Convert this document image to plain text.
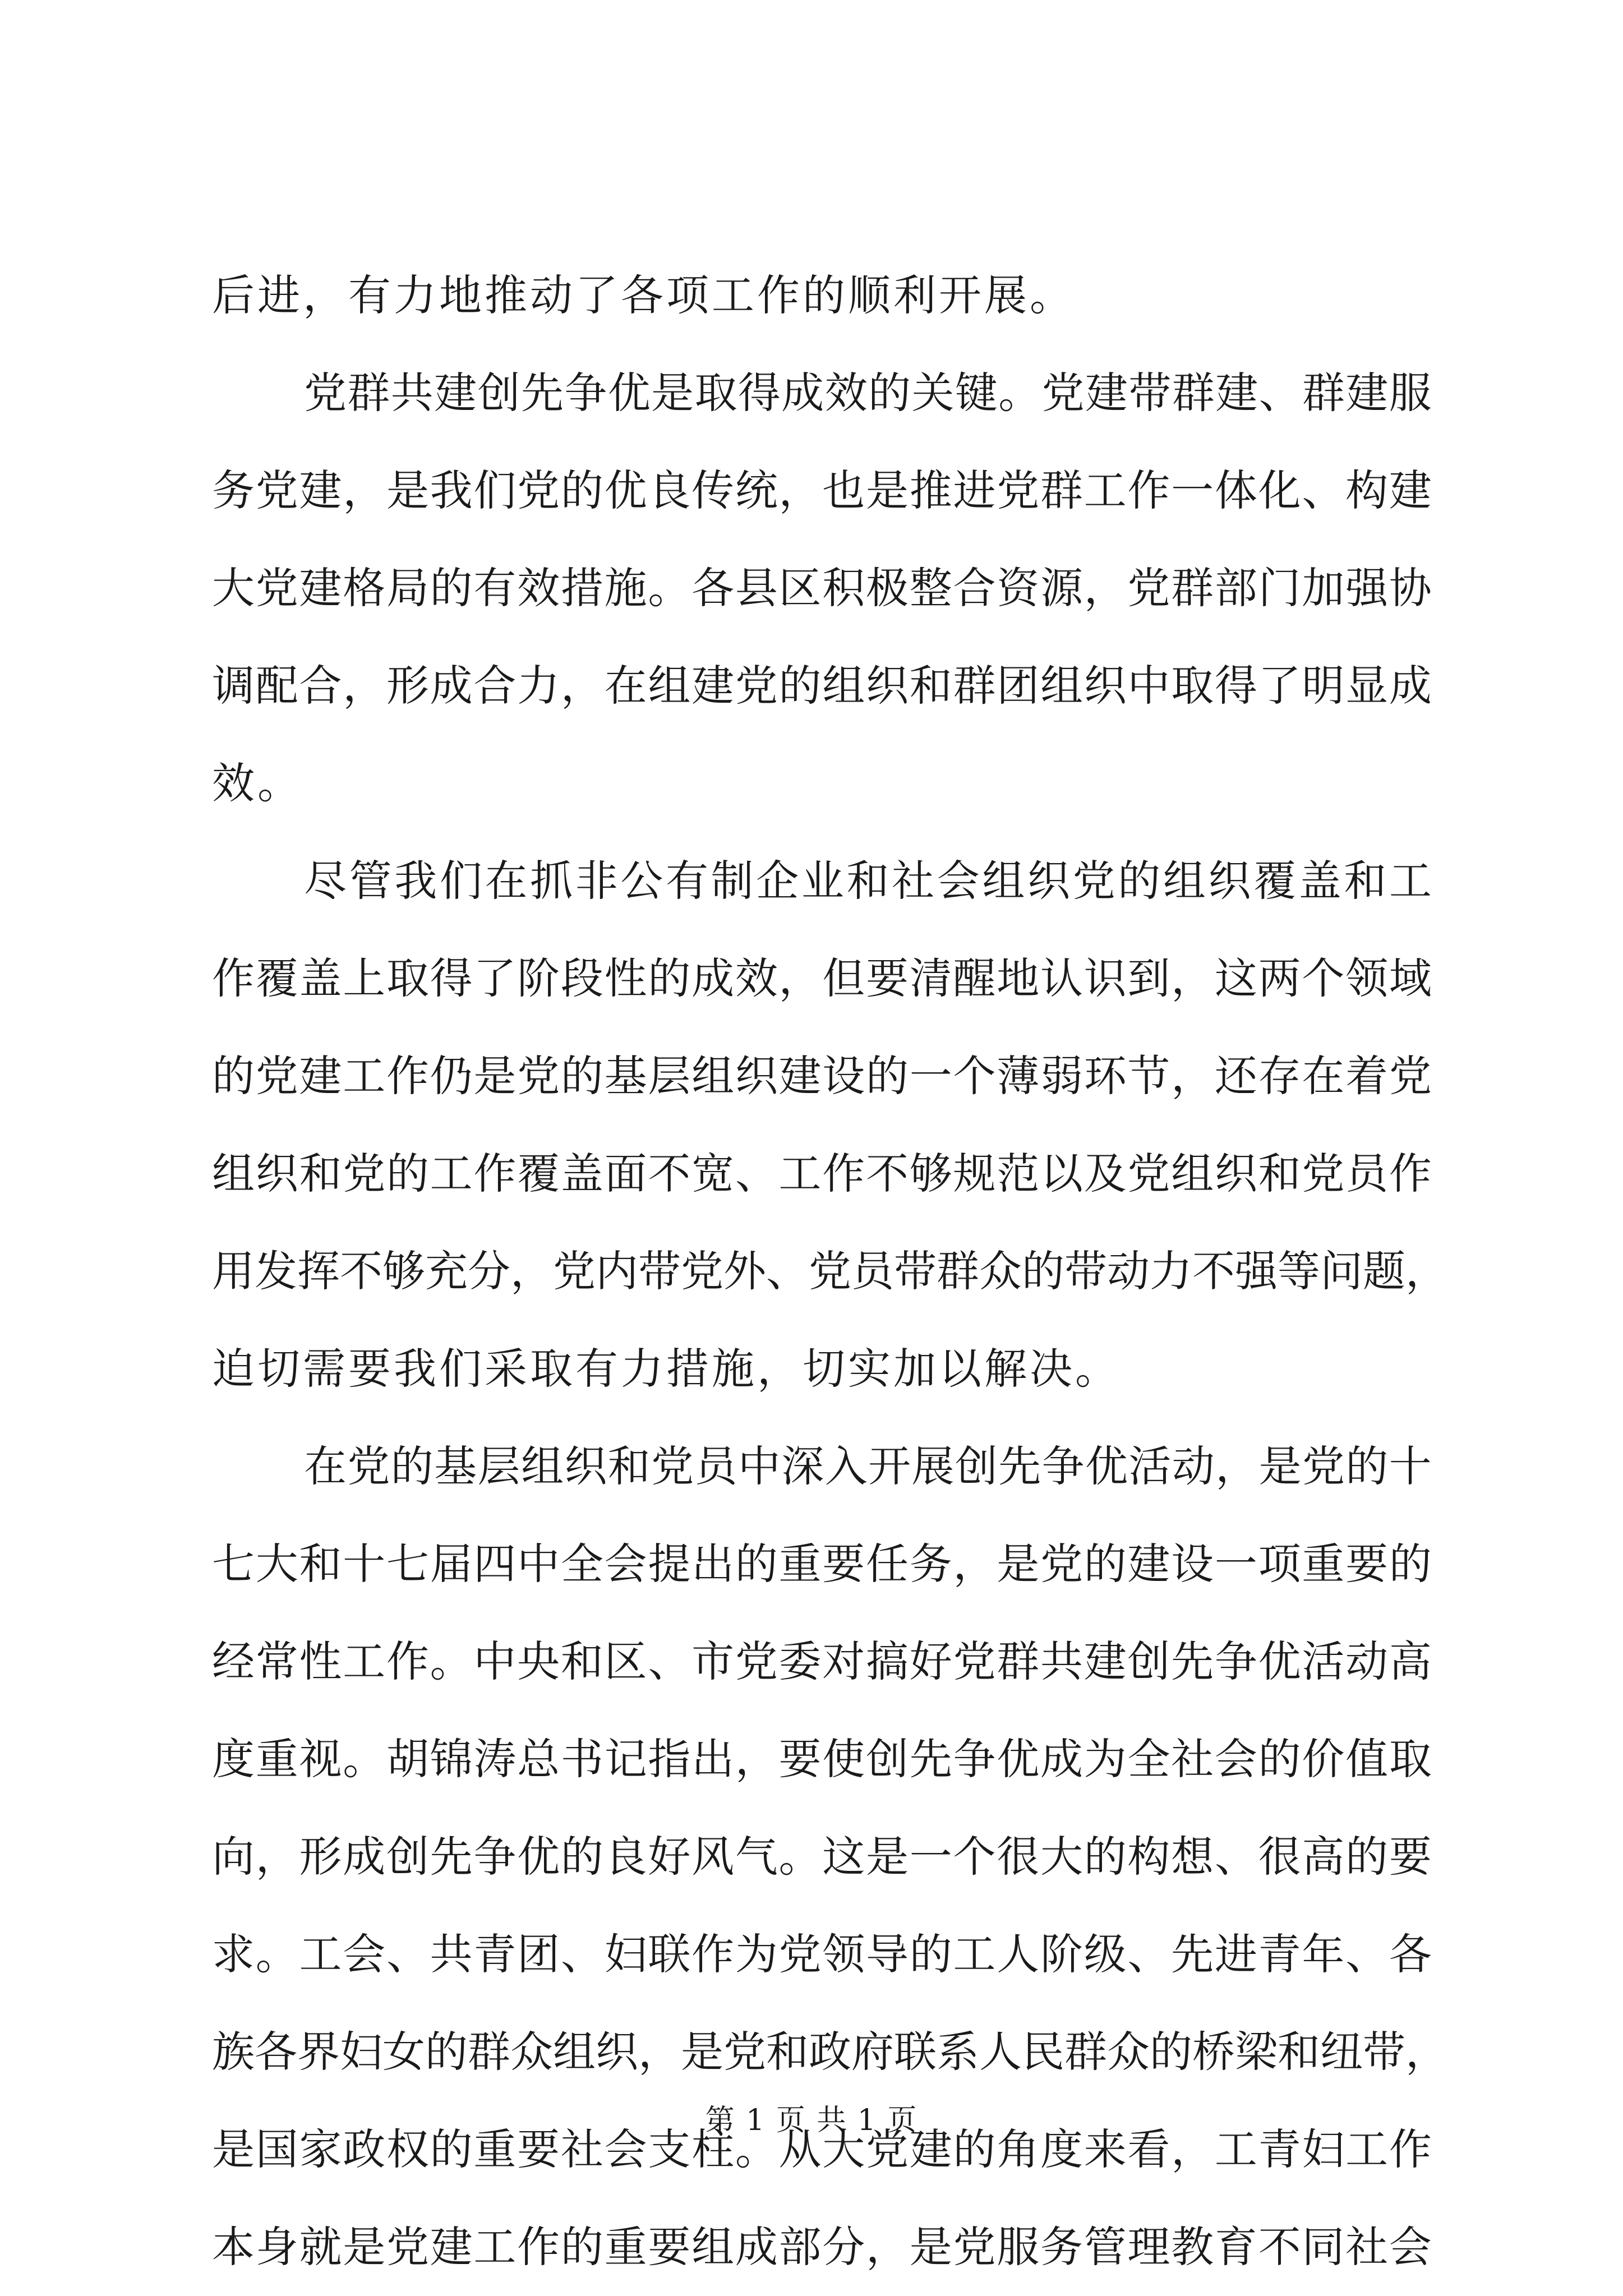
后进，有力地推动了各项工作的顺利开展。
党 群 共 建 创 先 争 优 是 取 得 成 效 的 关 键 。 党 建 带 群 建 、 群 建 服
务 党 建 ， 是 我 们 党 的 优 良 传 统 ， 也 是 推 进 党 群 工 作 一 体 化 、 构 建
大 党 建 格 局 的 有 效 措 施 。 各 县 区 积 极 整 合 资 源 ， 党 群 部 门 加 强 协
调 配 合 ， 形 成 合 力 ， 在 组 建 党 的 组 织 和 群 团 组 织 中 取 得 了 明 显 成
效。
尽 管 我 们 在 抓 非 公 有 制 企 业 和 社 会 组 织 党 的 组 织 覆 盖 和 工
作 覆 盖 上 取 得 了 阶 段 性 的 成 效 ， 但 要 清 醒 地 认 识 到 ， 这 两 个 领 域
的 党 建 工 作 仍 是 党 的 基 层 组 织 建 设 的 一 个 薄 弱 环 节 ， 还 存 在 着 党
组 织 和 党 的 工 作 覆 盖 面 不 宽 、 工 作 不 够 规 范 以 及 党 组 织 和 党 员 作
用 发 挥 不 够 充 分 ， 党 内 带 党 外 、 党 员 带 群 众 的 带 动 力 不 强 等 问 题 ，
迫切需要我们采取有力措施，切实加以解决。
在 党 的 基 层 组 织 和 党 员 中 深 入 开 展 创 先 争 优 活 动 ， 是 党 的 十
七 大 和 十 七 届 四 中 全 会 提 出 的 重 要 任 务 ， 是 党 的 建 设 一 项 重 要 的
经 常 性 工 作 。 中 央 和 区 、 市 党 委 对 搞 好 党 群 共 建 创 先 争 优 活 动 高
度 重 视 。 胡 锦 涛 总 书 记 指 出 ， 要 使 创 先 争 优 成 为 全 社 会 的 价 值 取
向 ， 形 成 创 先 争 优 的 良 好 风 气 。 这 是 一 个 很 大 的 构 想 、 很 高 的 要
求 。 工 会 、 共 青 团 、 妇 联 作 为 党 领 导 的 工 人 阶 级 、 先 进 青 年 、 各
族 各 界 妇 女 的 群 众 组 织 ， 是 党 和 政 府 联 系 人 民 群 众 的 桥 梁 和 纽 带 ，
是 国 家 政 权 的 重 要 社 会 支 柱 。 从 大 党 建 的 角 度 来 看 ， 工 青 妇 工 作
本 身 就 是 党 建 工 作 的 重 要 组 成 部 分 ， 是 党 服 务 管 理 教 育 不 同 社 会
第 1 页 共 1 页
